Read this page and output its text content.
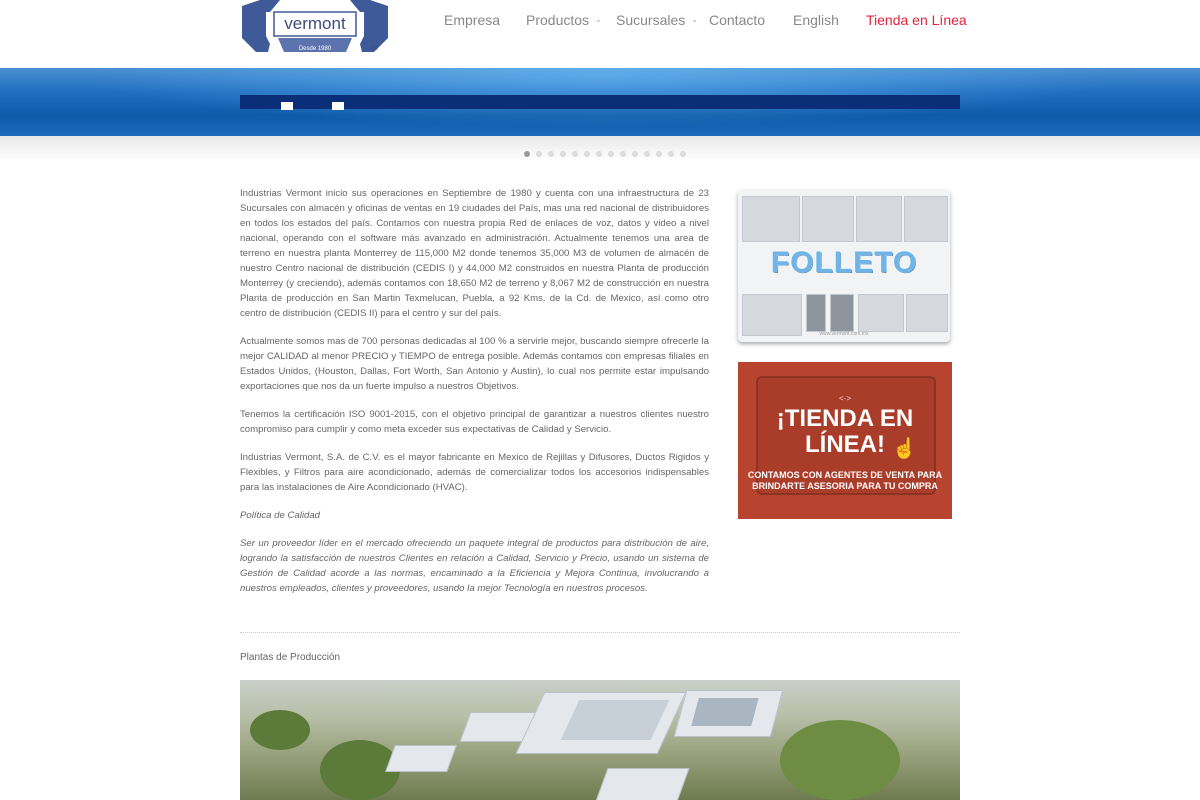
vermont
Desde 1980	MR
Empresa Productos ⌄ Sucursales ⌄ Contacto English Tienda en Línea

Industrias Vermont inicio sus operaciones en Septiembre de 1980 y cuenta con una infraestructura de 23 Sucursales con almacén y oficinas de ventas en 19 ciudades del País, mas una red nacional de distribuidores en todos los estados del país. Contamos con nuestra propia Red de enlaces de voz, datos y video a nivel nacional, operando con el software más avanzado en administración. Actualmente tenemos una area de terreno en nuestra planta Monterrey de 115,000 M2 donde tenemos 35,000 M3 de volumen de almacén de nuestro Centro nacional de distribución (CEDIS I) y 44,000 M2 construidos en nuestra Planta de producción Monterrey (y creciendo), además contamos con 18,650 M2 de terreno y 8,067 M2 de construcción en nuestra Planta de producción en San Martin Texmelucan, Puebla, a 92 Kms. de la Cd. de Mexico, así como otro centro de distribución (CEDIS II) para el centro y sur del país.

Actualmente somos mas de 700 personas dedicadas al 100 % a servirle mejor, buscando siempre ofrecerle la mejor CALIDAD al menor PRECIO y TIEMPO de entrega posible. Además contamos con empresas filiales en Estados Unidos, (Houston, Dallas, Fort Worth, San Antonio y Austin), lo cual nos permite estar impulsando exportaciones que nos da un fuerte impulso a nuestros Objetivos.

Tenemos la certificación ISO 9001-2015, con el objetivo principal de garantizar a nuestros clientes nuestro compromiso para cumplir y como meta exceder sus expectativas de Calidad y Servicio.

Industrias Vermont, S.A. de C.V. es el mayor fabricante en Mexico de Rejillas y Difusores, Ductos Rigidos y Flexibles, y Filtros para aire acondicionado, además de comercializar todos los accesorios indispensables para las instalaciones de Aire Acondicionado (HVAC).

Política de Calidad

Ser un proveedor líder en el mercado ofreciendo un paquete integral de productos para distribución de aire, logrando la satisfacción de nuestros Clientes en relación a Calidad, Servicio y Precio, usando un sistema de Gestión de Calidad acorde a las normas, encaminado a la Eficiencia y Mejora Continua, involucrando a nuestros empleados, clientes y proveedores, usando la mejor Tecnología en nuestros procesos.

FOLLETO
www.vermont.com.mx
<·>
¡TIENDA EN
LÍNEA! ☝
CONTAMOS CON AGENTES DE VENTA PARA
BRINDARTE ASESORIA PARA TU COMPRA
Plantas de Producción
